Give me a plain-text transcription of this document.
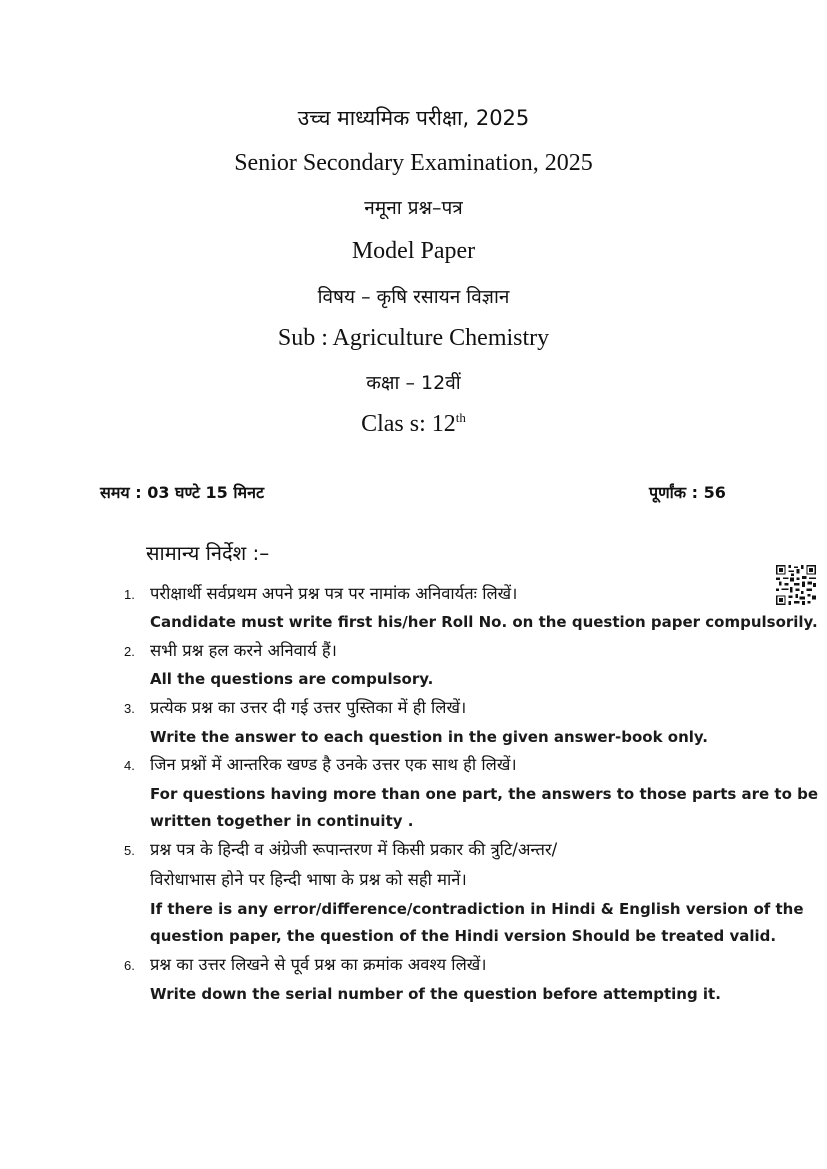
उच्च माध्यमिक परीक्षा, 2025
Senior Secondary Examination, 2025
नमूना प्रश्न–पत्र
Model Paper
विषय – कृषि रसायन विज्ञान
Sub : Agriculture Chemistry
कक्षा – 12वीं
Clas s: 12th
समय : 03 घण्टे 15 मिनट	पूर्णांक : 56
सामान्य निर्देश :–
1. परीक्षार्थी सर्वप्रथम अपने प्रश्न पत्र पर नामांक अनिवार्यतः लिखें।
Candidate must write first his/her Roll No. on the question paper compulsorily.
2. सभी प्रश्न हल करने अनिवार्य हैं।
All the questions are compulsory.
3. प्रत्येक प्रश्न का उत्तर दी गई उत्तर पुस्तिका में ही लिखें।
Write the answer to each question in the given answer-book only.
4. जिन प्रश्नों में आन्तरिक खण्ड है उनके उत्तर एक साथ ही लिखें।
For questions having more than one part, the answers to those parts are to be
written together in continuity .
5. प्रश्न पत्र के हिन्दी व अंग्रेजी रूपान्तरण में किसी प्रकार की त्रुटि/अन्तर/
विरोधाभास होने पर हिन्दी भाषा के प्रश्न को सही मानें।
If there is any error/difference/contradiction in Hindi & English version of the
question paper, the question of the Hindi version Should be treated valid.
6. प्रश्न का उत्तर लिखने से पूर्व प्रश्न का क्रमांक अवश्य लिखें।
Write down the serial number of the question before attempting it.
